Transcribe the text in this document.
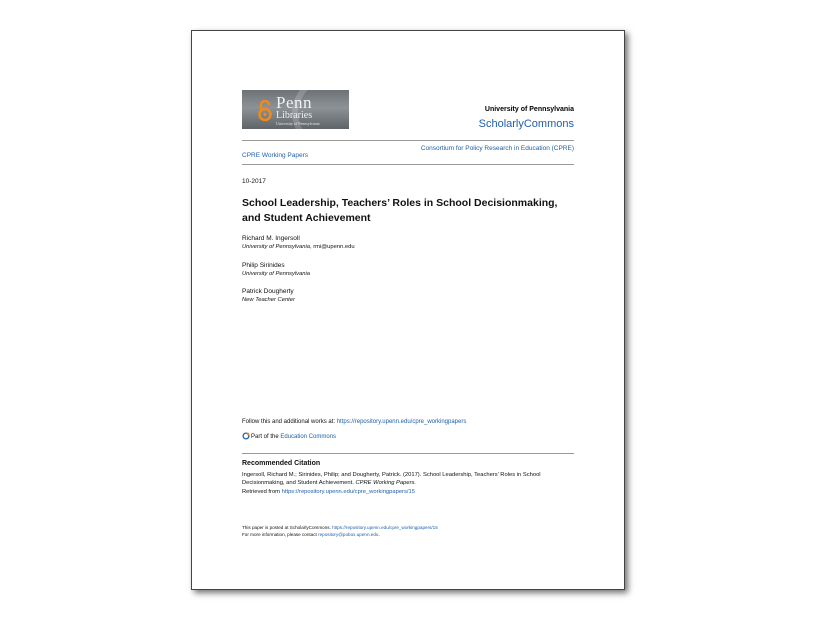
Penn
Libraries
University of Pennsylvania
University of Pennsylvania
ScholarlyCommons
CPRE Working Papers
Consortium for Policy Research in Education (CPRE)
10-2017
School Leadership, Teachers’ Roles in School Decisionmaking, and Student Achievement
Richard M. Ingersoll
University of Pennsylvania, rmi@upenn.edu
Philip Sirinides
University of Pennsylvania
Patrick Dougherty
New Teacher Center
Follow this and additional works at: https://repository.upenn.edu/cpre_workingpapers
Part of the Education Commons
Recommended Citation
Ingersoll, Richard M.; Sirinides, Philip; and Dougherty, Patrick. (2017). School Leadership, Teachers’ Roles in School Decisionmaking, and Student Achievement. CPRE Working Papers.
Retrieved from https://repository.upenn.edu/cpre_workingpapers/15
This paper is posted at ScholarlyCommons. https://repository.upenn.edu/cpre_workingpapers/15
For more information, please contact repository@pobox.upenn.edu.
